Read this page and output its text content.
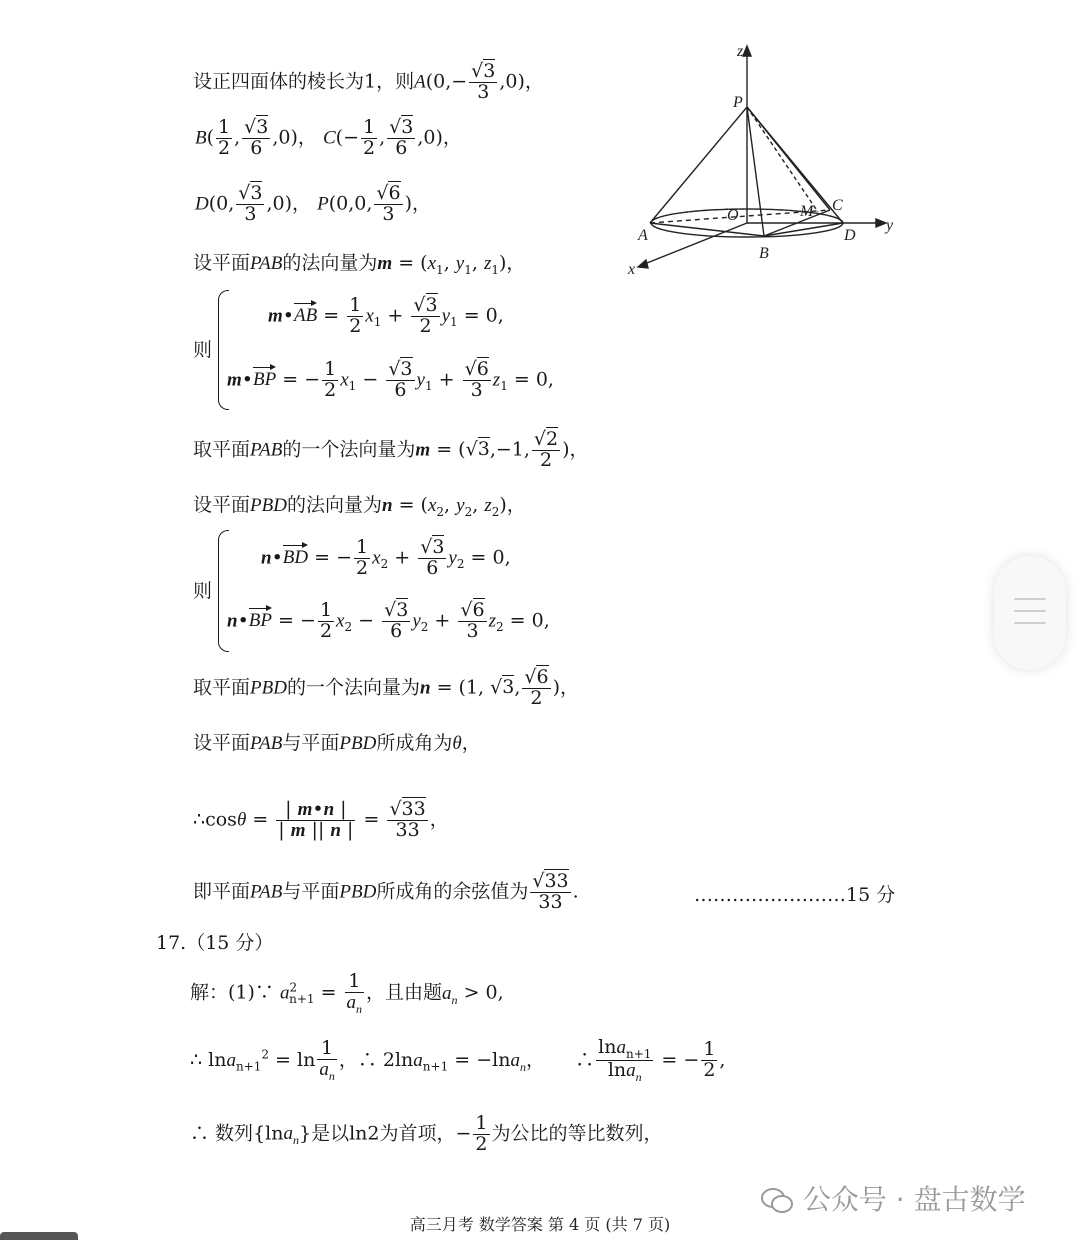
设正四面体的棱长为1，则$A(0,- \frac{√3}{3} ,0)$，
$B( \frac{1}{2}$ , $\frac{√3}{6} ,0$)， $C(- \frac{1}{2}$ , $\frac{√3}{6} ,0$)，
D(0, $\frac{√3}{3} ,0$)， P(0,0, $\frac{√6}{3}$ )，
设平面PAB的法向量为$m = (x_1$, $y_1$, $z_1$)，
则
m•AB = $\frac{1}{2} x_1 + \frac{√3}{2} y_1 = 0$,
m•BP = − $\frac{1}{2} x_1 - \frac{√3}{6} y_1 + \frac{√6}{3} z_1 = 0$,
取平面PAB的一个法向量为m = (√3,−1, $\frac{√2}{2}$ )，
设平面PBD的法向量为$n = (x_2$, $y_2$, $z_2$)，
则
n•BD = − $\frac{1}{2} x_2 + \frac{√3}{6} y_2 = 0$,
n•BP = − $\frac{1}{2} x_2 - \frac{√3}{6} y_2 + \frac{√6}{3} z_2 = 0$,
取平面PBD的一个法向量为n = (1, √3, $\frac{√6}{2}$ )，
设平面PAB与平面PBD所成角为θ，
∴cosθ = $\frac{| m•n |}{| m || n |} = \frac{√33}{33}$ ，
即平面PAB与平面PBD所成角的余弦值为 $\frac{√33}{33}$ .	……………………15 分
17.（15 分）
解：(1)∵ $a^2_{n+1} = \frac{1}{a_n}$ ，且由题$a_n > 0$,
∴ $\ln a_{n+1}^2 = \ln \frac{1}{a_n}$ ，∴ 2lna$_{n+1}$ = −lna$_n$，     ∴ $\frac{\ln a_{n+1}}{\ln a_n}$ = − $\frac{1}{2}$ ,
∴ 数列{lna$_n$}是以ln2为首项，− $\frac{1}{2}$ 为公比的等比数列，
z
P
O	M C
A
B
D
y
x
公众号 · 盘古数学
高三月考 数学答案 第 4 页 (共 7 页)
